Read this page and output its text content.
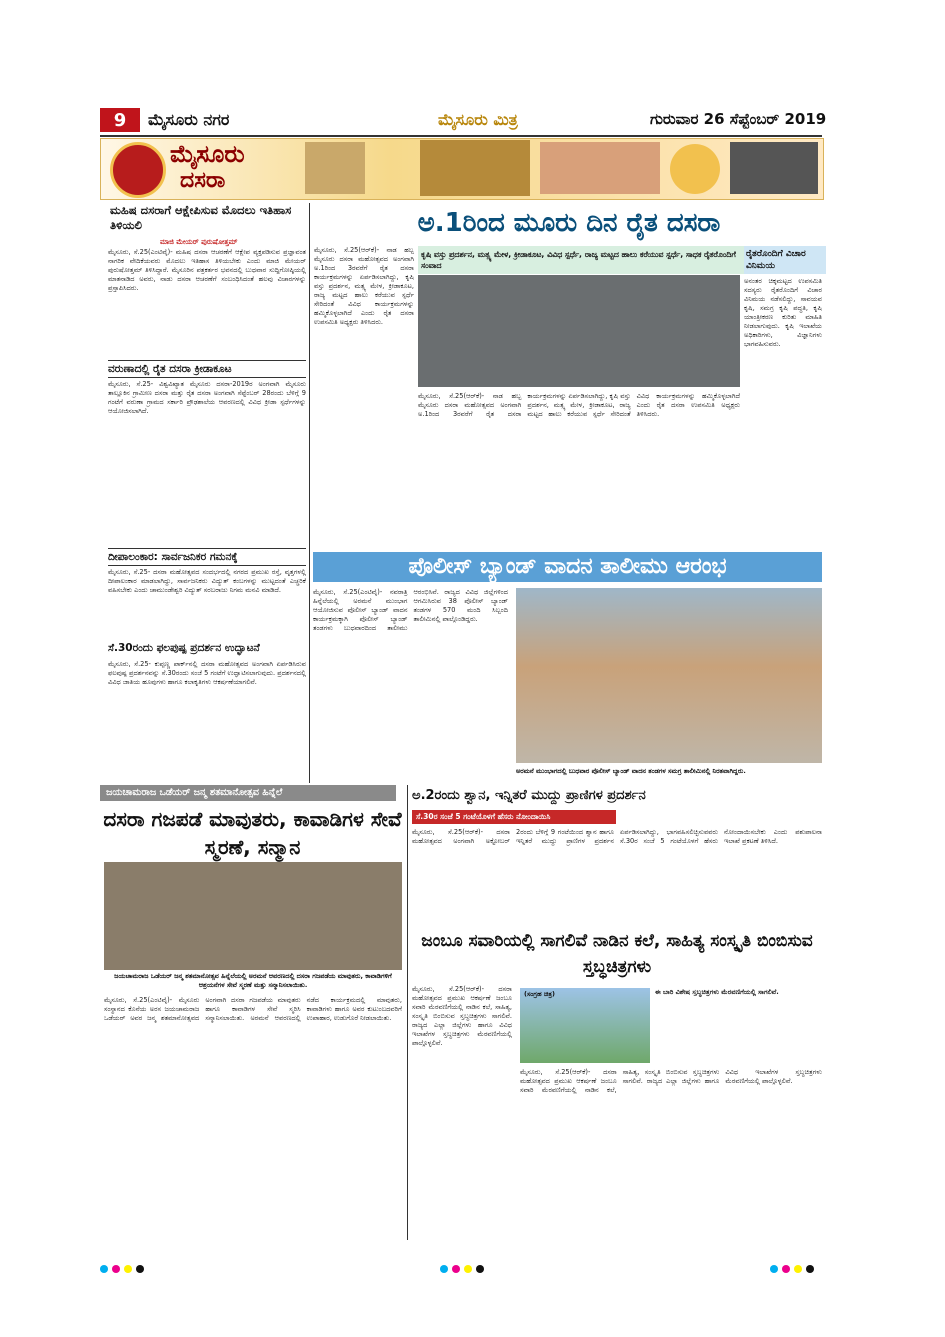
9	ಮೈಸೂರು ನಗರ	ಮೈಸೂರು ಮಿತ್ರ	ಗುರುವಾರ 26 ಸೆಪ್ಟೆಂಬರ್ 2019
ಮೈಸೂರು
ದಸರಾ
ಮಹಿಷ ದಸರಾಗೆ ಆಕ್ಷೇಪಿಸುವ ಮೊದಲು ಇತಿಹಾಸ ತಿಳಿಯಲಿ
ಮಾಜಿ ಮೇಯರ್ ಪುರುಷೋತ್ತಮ್
ಮೈಸೂರು, ಸೆ.25(ಎಂಟಿವೈ)- ಮಹಿಷ ದಸರಾ ಆಚರಣೆಗೆ ಆಕ್ಷೇಪ ವ್ಯಕ್ತಪಡಿಸುವ ಪ್ರಜ್ಞಾವಂತ ನಾಗರಿಕ ವೇದಿಕೆಯವರು ಮೊದಲು ಇತಿಹಾಸ ತಿಳಿಯಬೇಕು ಎಂದು ಮಾಜಿ ಮೇಯರ್ ಪುರುಷೋತ್ತಮ್ ತಿಳಿಸಿದ್ದಾರೆ. ಮೈಸೂರಿನ ಪತ್ರಕರ್ತರ ಭವನದಲ್ಲಿ ಬುಧವಾರ ಸುದ್ದಿಗೋಷ್ಠಿಯಲ್ಲಿ ಮಾತನಾಡಿದ ಅವರು, ನಾಡು ದಸರಾ ಆಚರಣೆಗೆ ಸಂಬಂಧಿಸಿದಂತೆ ಹಲವು ವಿಚಾರಗಳನ್ನು ಪ್ರಸ್ತಾಪಿಸಿದರು.
ವರುಣಾದಲ್ಲಿ ರೈತ ದಸರಾ ಕ್ರೀಡಾಕೂಟ
ಮೈಸೂರು, ಸೆ.25- ವಿಶ್ವವಿಖ್ಯಾತ ಮೈಸೂರು ದಸರಾ-2019ರ ಅಂಗವಾಗಿ ಮೈಸೂರು ತಾಲ್ಲೂಕಿನ ಗ್ರಾಮೀಣ ದಸರಾ ಮತ್ತು ರೈತ ದಸರಾ ಅಂಗವಾಗಿ ಸೆಪ್ಟೆಂಬರ್ 28ರಂದು ಬೆಳಿಗ್ಗೆ 9 ಗಂಟೆಗೆ ವರುಣಾ ಗ್ರಾಮದ ಸರ್ಕಾರಿ ಪ್ರೌಢಶಾಲೆಯ ಆವರಣದಲ್ಲಿ ವಿವಿಧ ಕ್ರೀಡಾ ಸ್ಪರ್ಧೆಗಳನ್ನು ಆಯೋಜಿಸಲಾಗಿದೆ.
ದೀಪಾಲಂಕಾರ: ಸಾರ್ವಜನಿಕರ ಗಮನಕ್ಕೆ
ಮೈಸೂರು, ಸೆ.25- ದಸರಾ ಮಹೋತ್ಸವದ ಸಂದರ್ಭದಲ್ಲಿ ನಗರದ ಪ್ರಮುಖ ರಸ್ತೆ, ವೃತ್ತಗಳಲ್ಲಿ ದೀಪಾಲಂಕಾರ ಮಾಡಲಾಗಿದ್ದು, ಸಾರ್ವಜನಿಕರು ವಿದ್ಯುತ್ ಕಂಬಗಳನ್ನು ಮುಟ್ಟದಂತೆ ಎಚ್ಚರಿಕೆ ವಹಿಸಬೇಕು ಎಂದು ಚಾಮುಂಡೇಶ್ವರಿ ವಿದ್ಯುತ್ ಸರಬರಾಜು ನಿಗಮ ಮನವಿ ಮಾಡಿದೆ.
ಸೆ.30ರಂದು ಫಲಪುಷ್ಪ ಪ್ರದರ್ಶನ ಉದ್ಘಾಟನೆ
ಮೈಸೂರು, ಸೆ.25- ಕುಪ್ಪಣ್ಣ ಪಾರ್ಕ್‌ನಲ್ಲಿ ದಸರಾ ಮಹೋತ್ಸವದ ಅಂಗವಾಗಿ ಏರ್ಪಡಿಸಿರುವ ಫಲಪುಷ್ಪ ಪ್ರದರ್ಶನವನ್ನು ಸೆ.30ರಂದು ಸಂಜೆ 5 ಗಂಟೆಗೆ ಉದ್ಘಾಟಿಸಲಾಗುವುದು. ಪ್ರದರ್ಶನದಲ್ಲಿ ವಿವಿಧ ಜಾತಿಯ ಹೂವುಗಳು ಹಾಗೂ ಕಲಾಕೃತಿಗಳು ಆಕರ್ಷಣೆಯಾಗಲಿವೆ.
ಅ.1ರಿಂದ ಮೂರು ದಿನ ರೈತ ದಸರಾ
ಕೃಷಿ ವಸ್ತು ಪ್ರದರ್ಶನ, ಮತ್ಸ್ಯ ಮೇಳ, ಕ್ರೀಡಾಕೂಟ, ವಿವಿಧ ಸ್ಪರ್ಧೆ, ರಾಜ್ಯ ಮಟ್ಟದ ಹಾಲು ಕರೆಯುವ ಸ್ಪರ್ಧೆ, ಸಾಧಕ ರೈತರೊಂದಿಗೆ ಸಂವಾದ
ಮೈಸೂರು, ಸೆ.25(ಆರ್‌ಕೆ)- ನಾಡ ಹಬ್ಬ ಮೈಸೂರು ದಸರಾ ಮಹೋತ್ಸವದ ಅಂಗವಾಗಿ ಅ.1ರಿಂದ 3ರವರೆಗೆ ರೈತ ದಸರಾ ಕಾರ್ಯಕ್ರಮಗಳನ್ನು ಏರ್ಪಡಿಸಲಾಗಿದ್ದು, ಕೃಷಿ ವಸ್ತು ಪ್ರದರ್ಶನ, ಮತ್ಸ್ಯ ಮೇಳ, ಕ್ರೀಡಾಕೂಟ, ರಾಜ್ಯ ಮಟ್ಟದ ಹಾಲು ಕರೆಯುವ ಸ್ಪರ್ಧೆ ಸೇರಿದಂತೆ ವಿವಿಧ ಕಾರ್ಯಕ್ರಮಗಳನ್ನು ಹಮ್ಮಿಕೊಳ್ಳಲಾಗಿದೆ ಎಂದು ರೈತ ದಸರಾ ಉಪಸಮಿತಿ ಅಧ್ಯಕ್ಷರು ತಿಳಿಸಿದರು.
ಮೈಸೂರು, ಸೆ.25(ಆರ್‌ಕೆ)- ನಾಡ ಹಬ್ಬ ಮೈಸೂರು ದಸರಾ ಮಹೋತ್ಸವದ ಅಂಗವಾಗಿ ಅ.1ರಿಂದ 3ರವರೆಗೆ ರೈತ ದಸರಾ ಕಾರ್ಯಕ್ರಮಗಳನ್ನು ಏರ್ಪಡಿಸಲಾಗಿದ್ದು, ಕೃಷಿ ವಸ್ತು ಪ್ರದರ್ಶನ, ಮತ್ಸ್ಯ ಮೇಳ, ಕ್ರೀಡಾಕೂಟ, ರಾಜ್ಯ ಮಟ್ಟದ ಹಾಲು ಕರೆಯುವ ಸ್ಪರ್ಧೆ ಸೇರಿದಂತೆ ವಿವಿಧ ಕಾರ್ಯಕ್ರಮಗಳನ್ನು ಹಮ್ಮಿಕೊಳ್ಳಲಾಗಿದೆ ಎಂದು ರೈತ ದಸರಾ ಉಪಸಮಿತಿ ಅಧ್ಯಕ್ಷರು ತಿಳಿಸಿದರು.
ರೈತರೊಂದಿಗೆ ವಿಚಾರ ವಿನಿಮಯ
ಅನಂತರ ಚಿಕ್ಕಮಟ್ಟದ ಉಪಸಮಿತಿ ಸದಸ್ಯರು ರೈತರೊಂದಿಗೆ ವಿಚಾರ ವಿನಿಮಯ ನಡೆಸಲಿದ್ದು, ಸಾವಯವ ಕೃಷಿ, ಸಮಗ್ರ ಕೃಷಿ ಪದ್ಧತಿ, ಕೃಷಿ ಯಾಂತ್ರೀಕರಣ ಕುರಿತು ಮಾಹಿತಿ ನೀಡಲಾಗುವುದು. ಕೃಷಿ ಇಲಾಖೆಯ ಅಧಿಕಾರಿಗಳು, ವಿಜ್ಞಾನಿಗಳು ಭಾಗವಹಿಸುವರು.
ಪೊಲೀಸ್ ಬ್ಯಾಂಡ್ ವಾದನ ತಾಲೀಮು ಆರಂಭ
ಮೈಸೂರು, ಸೆ.25(ಎಂಟಿವೈ)- ನವರಾತ್ರಿ ಹಿನ್ನೆಲೆಯಲ್ಲಿ ಅರಮನೆ ಮುಂಭಾಗ ಆಯೋಜಿಸುವ ಪೊಲೀಸ್ ಬ್ಯಾಂಡ್ ವಾದನ ಕಾರ್ಯಕ್ರಮಕ್ಕಾಗಿ ಪೊಲೀಸ್ ಬ್ಯಾಂಡ್ ತಂಡಗಳು ಬುಧವಾರದಿಂದ ತಾಲೀಮು ಆರಂಭಿಸಿವೆ. ರಾಜ್ಯದ ವಿವಿಧ ಜಿಲ್ಲೆಗಳಿಂದ ಆಗಮಿಸಿರುವ 38 ಪೊಲೀಸ್ ಬ್ಯಾಂಡ್ ತಂಡಗಳ 570 ಮಂದಿ ಸಿಬ್ಬಂದಿ ತಾಲೀಮಿನಲ್ಲಿ ಪಾಲ್ಗೊಂಡಿದ್ದರು.
ಅರಮನೆ ಮುಂಭಾಗದಲ್ಲಿ ಬುಧವಾರ ಪೊಲೀಸ್ ಬ್ಯಾಂಡ್ ವಾದನ ತಂಡಗಳ ಸಮಗ್ರ ತಾಲೀಮಿನಲ್ಲಿ ನಿರತವಾಗಿದ್ದರು.
ಜಯಚಾಮರಾಜ ಒಡೆಯರ್ ಜನ್ಮ ಶತಮಾನೋತ್ಸವ ಹಿನ್ನೆಲೆ
ದಸರಾ ಗಜಪಡೆ ಮಾವುತರು, ಕಾವಾಡಿಗಳ ಸೇವೆ ಸ್ಮರಣೆ, ಸನ್ಮಾನ
ಜಯಚಾಮರಾಜ ಒಡೆಯರ್ ಜನ್ಮ ಶತಮಾನೋತ್ಸವ ಹಿನ್ನೆಲೆಯಲ್ಲಿ ಅರಮನೆ ಆವರಣದಲ್ಲಿ ದಸರಾ ಗಜಪಡೆಯ ಮಾವುತರು, ಕಾವಾಡಿಗಳಿಗೆ ಆಶ್ರಯನೆಗಳ ಸೇವೆ ಸ್ಮರಣೆ ಮತ್ತು ಸನ್ಮಾನಿಸಲಾಯಿತು.
ಮೈಸೂರು, ಸೆ.25(ಎಂಟಿವೈ)- ಮೈಸೂರು ಸಂಸ್ಥಾನದ ಕೊನೆಯ ಅರಸ ಜಯಚಾಮರಾಜ ಒಡೆಯರ್ ಅವರ ಜನ್ಮ ಶತಮಾನೋತ್ಸವದ ಅಂಗವಾಗಿ ದಸರಾ ಗಜಪಡೆಯ ಮಾವುತರು ಹಾಗೂ ಕಾವಾಡಿಗಳ ಸೇವೆ ಸ್ಮರಿಸಿ ಸನ್ಮಾನಿಸಲಾಯಿತು. ಅರಮನೆ ಆವರಣದಲ್ಲಿ ನಡೆದ ಕಾರ್ಯಕ್ರಮದಲ್ಲಿ ಮಾವುತರು, ಕಾವಾಡಿಗಳು ಹಾಗೂ ಅವರ ಕುಟುಂಬದವರಿಗೆ ಉಪಾಹಾರ, ಉಡುಗೊರೆ ನೀಡಲಾಯಿತು.
ಅ.2ರಂದು ಶ್ವಾನ, ಇನ್ನಿತರೆ ಮುದ್ದು ಪ್ರಾಣಿಗಳ ಪ್ರದರ್ಶನ
ಸೆ.30ರ ಸಂಜೆ 5 ಗಂಟೆಯೊಳಗೆ ಹೆಸರು ನೋಂದಾಯಿಸಿ
ಮೈಸೂರು, ಸೆ.25(ಆರ್‌ಕೆ)- ದಸರಾ ಮಹೋತ್ಸವದ ಅಂಗವಾಗಿ ಅಕ್ಟೋಬರ್ 2ರಂದು ಬೆಳಿಗ್ಗೆ 9 ಗಂಟೆಯಿಂದ ಶ್ವಾನ ಹಾಗೂ ಇನ್ನಿತರೆ ಮುದ್ದು ಪ್ರಾಣಿಗಳ ಪ್ರದರ್ಶನ ಏರ್ಪಡಿಸಲಾಗಿದ್ದು, ಭಾಗವಹಿಸಲಿಚ್ಛಿಸುವವರು ಸೆ.30ರ ಸಂಜೆ 5 ಗಂಟೆಯೊಳಗೆ ಹೆಸರು ನೋಂದಾಯಿಸಬೇಕು ಎಂದು ಪಶುಪಾಲನಾ ಇಲಾಖೆ ಪ್ರಕಟಣೆ ತಿಳಿಸಿದೆ.
ಜಂಬೂ ಸವಾರಿಯಲ್ಲಿ ಸಾಗಲಿವೆ ನಾಡಿನ ಕಲೆ, ಸಾಹಿತ್ಯ ಸಂಸ್ಕೃತಿ ಬಿಂಬಿಸುವ ಸ್ತಬ್ಧಚಿತ್ರಗಳು
ಮೈಸೂರು, ಸೆ.25(ಆರ್‌ಕೆ)- ದಸರಾ ಮಹೋತ್ಸವದ ಪ್ರಮುಖ ಆಕರ್ಷಣೆ ಜಂಬೂ ಸವಾರಿ ಮೆರವಣಿಗೆಯಲ್ಲಿ ನಾಡಿನ ಕಲೆ, ಸಾಹಿತ್ಯ, ಸಂಸ್ಕೃತಿ ಬಿಂಬಿಸುವ ಸ್ತಬ್ಧಚಿತ್ರಗಳು ಸಾಗಲಿವೆ. ರಾಜ್ಯದ ಎಲ್ಲಾ ಜಿಲ್ಲೆಗಳು ಹಾಗೂ ವಿವಿಧ ಇಲಾಖೆಗಳ ಸ್ತಬ್ಧಚಿತ್ರಗಳು ಮೆರವಣಿಗೆಯಲ್ಲಿ ಪಾಲ್ಗೊಳ್ಳಲಿವೆ.
(ಸಂಗ್ರಹ ಚಿತ್ರ)	ಈ ಬಾರಿ ವಿಶೇಷ ಸ್ತಬ್ಧಚಿತ್ರಗಳು ಮೆರವಣಿಗೆಯಲ್ಲಿ ಸಾಗಲಿವೆ.
ಮೈಸೂರು, ಸೆ.25(ಆರ್‌ಕೆ)- ದಸರಾ ಮಹೋತ್ಸವದ ಪ್ರಮುಖ ಆಕರ್ಷಣೆ ಜಂಬೂ ಸವಾರಿ ಮೆರವಣಿಗೆಯಲ್ಲಿ ನಾಡಿನ ಕಲೆ, ಸಾಹಿತ್ಯ, ಸಂಸ್ಕೃತಿ ಬಿಂಬಿಸುವ ಸ್ತಬ್ಧಚಿತ್ರಗಳು ಸಾಗಲಿವೆ. ರಾಜ್ಯದ ಎಲ್ಲಾ ಜಿಲ್ಲೆಗಳು ಹಾಗೂ ವಿವಿಧ ಇಲಾಖೆಗಳ ಸ್ತಬ್ಧಚಿತ್ರಗಳು ಮೆರವಣಿಗೆಯಲ್ಲಿ ಪಾಲ್ಗೊಳ್ಳಲಿವೆ.
